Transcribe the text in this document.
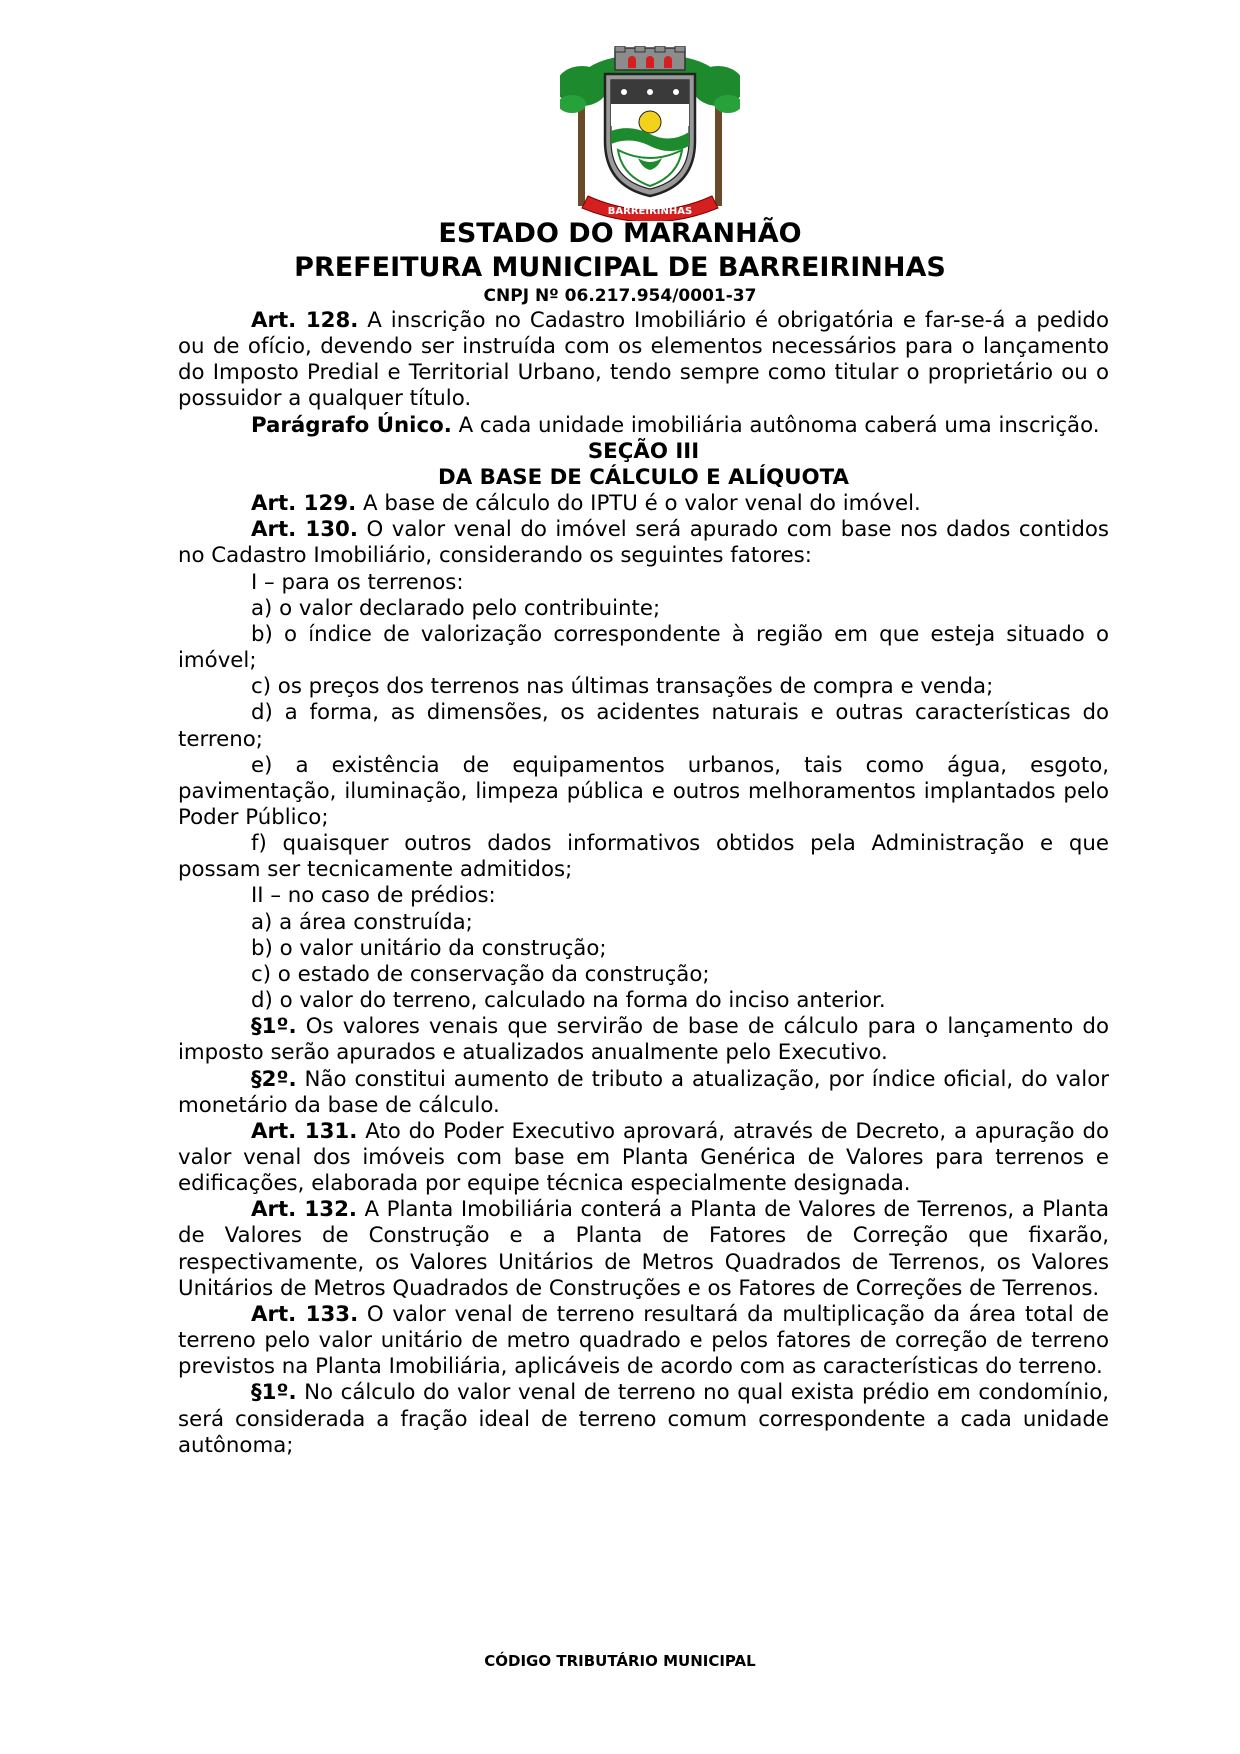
BARREIRINHAS
ESTADO DO MARANHÃO
PREFEITURA MUNICIPAL DE BARREIRINHAS
CNPJ Nº 06.217.954/0001-37

Art. 128. A inscrição no Cadastro Imobiliário é obrigatória e far-se-á a pedido ou de ofício, devendo ser instruída com os elementos necessários para o lançamento do Imposto Predial e Territorial Urbano, tendo sempre como titular o proprietário ou o possuidor a qualquer título.

Parágrafo Único. A cada unidade imobiliária autônoma caberá uma inscrição.

SEÇÃO III

DA BASE DE CÁLCULO E ALÍQUOTA

Art. 129. A base de cálculo do IPTU é o valor venal do imóvel.

Art. 130. O valor venal do imóvel será apurado com base nos dados contidos no Cadastro Imobiliário, considerando os seguintes fatores:

I – para os terrenos:

a) o valor declarado pelo contribuinte;

b) o índice de valorização correspondente à região em que esteja situado o imóvel;

c) os preços dos terrenos nas últimas transações de compra e venda;

d) a forma, as dimensões, os acidentes naturais e outras características do terreno;

e) a existência de equipamentos urbanos, tais como água, esgoto, pavimentação, iluminação, limpeza pública e outros melhoramentos implantados pelo Poder Público;

f) quaisquer outros dados informativos obtidos pela Administração e que possam ser tecnicamente admitidos;

II – no caso de prédios:

a) a área construída;

b) o valor unitário da construção;

c) o estado de conservação da construção;

d) o valor do terreno, calculado na forma do inciso anterior.

§1º. Os valores venais que servirão de base de cálculo para o lançamento do imposto serão apurados e atualizados anualmente pelo Executivo.

§2º. Não constitui aumento de tributo a atualização, por índice oficial, do valor monetário da base de cálculo.

Art. 131. Ato do Poder Executivo aprovará, através de Decreto, a apuração do valor venal dos imóveis com base em Planta Genérica de Valores para terrenos e edificações, elaborada por equipe técnica especialmente designada.

Art. 132. A Planta Imobiliária conterá a Planta de Valores de Terrenos, a Planta de Valores de Construção e a Planta de Fatores de Correção que fixarão, respectivamente, os Valores Unitários de Metros Quadrados de Terrenos, os Valores Unitários de Metros Quadrados de Construções e os Fatores de Correções de Terrenos.

Art. 133. O valor venal de terreno resultará da multiplicação da área total de terreno pelo valor unitário de metro quadrado e pelos fatores de correção de terreno previstos na Planta Imobiliária, aplicáveis de acordo com as características do terreno.

§1º. No cálculo do valor venal de terreno no qual exista prédio em condomínio, será considerada a fração ideal de terreno comum correspondente a cada unidade autônoma;

CÓDIGO TRIBUTÁRIO MUNICIPAL
